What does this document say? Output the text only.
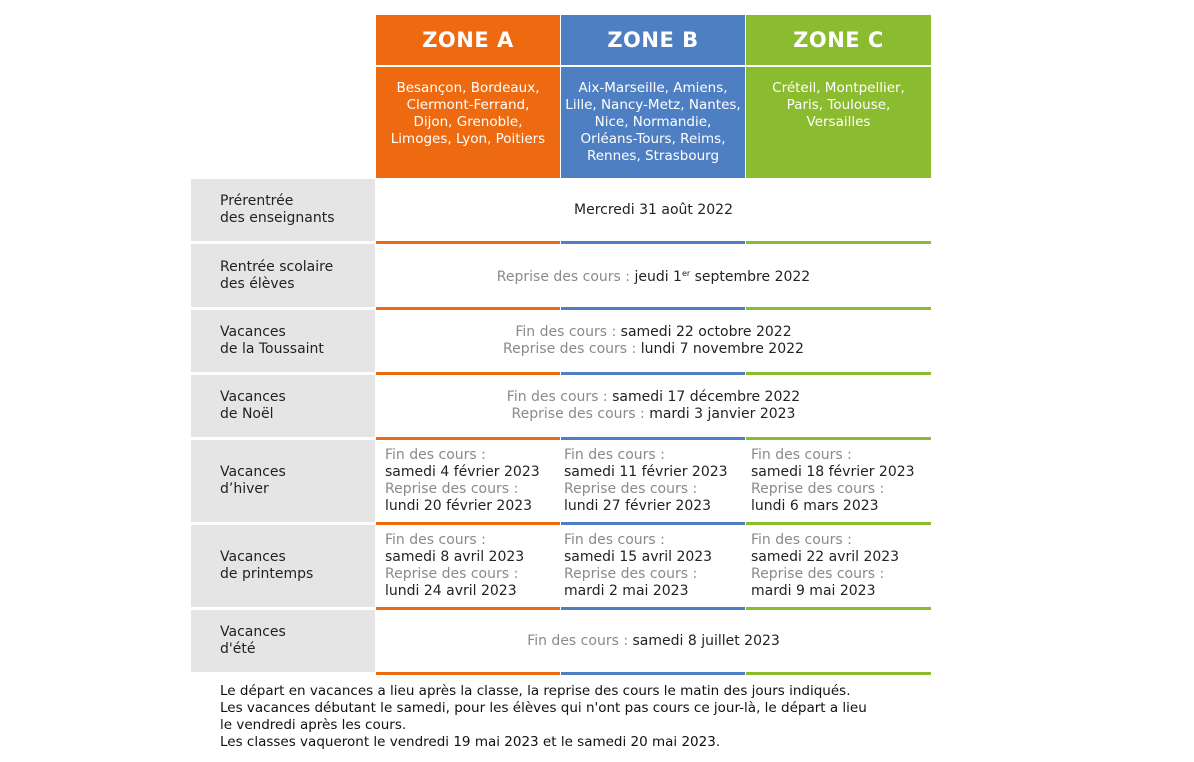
ZONE A	ZONE B	ZONE C
Besançon, Bordeaux,
Clermont-Ferrand,
Dijon, Grenoble,
Limoges, Lyon, Poitiers
Aix-Marseille, Amiens,
Lille, Nancy-Metz, Nantes,
Nice, Normandie,
Orléans-Tours, Reims,
Rennes, Strasbourg
Créteil, Montpellier,
Paris, Toulouse,
Versailles
Prérentrée
des enseignants
Rentrée scolaire
des élèves
Vacances
de la Toussaint
Vacances
de Noël
Vacances
d’hiver
Vacances
de printemps
Vacances
d'été
Mercredi 31 août 2022
Reprise des cours : jeudi 1er septembre 2022
Fin des cours : samedi 22 octobre 2022
Reprise des cours : lundi 7 novembre 2022
Fin des cours : samedi 17 décembre 2022
Reprise des cours : mardi 3 janvier 2023
Fin des cours :
samedi 4 février 2023
Reprise des cours :
lundi 20 février 2023
Fin des cours :
samedi 11 février 2023
Reprise des cours :
lundi 27 février 2023
Fin des cours :
samedi 18 février 2023
Reprise des cours :
lundi 6 mars 2023
Fin des cours :
samedi 8 avril 2023
Reprise des cours :
lundi 24 avril 2023
Fin des cours :
samedi 15 avril 2023
Reprise des cours :
mardi 2 mai 2023
Fin des cours :
samedi 22 avril 2023
Reprise des cours :
mardi 9 mai 2023
Fin des cours : samedi 8 juillet 2023
Le départ en vacances a lieu après la classe, la reprise des cours le matin des jours indiqués.
Les vacances débutant le samedi, pour les élèves qui n'ont pas cours ce jour-là, le départ a lieu
le vendredi après les cours.
Les classes vaqueront le vendredi 19 mai 2023 et le samedi 20 mai 2023.
